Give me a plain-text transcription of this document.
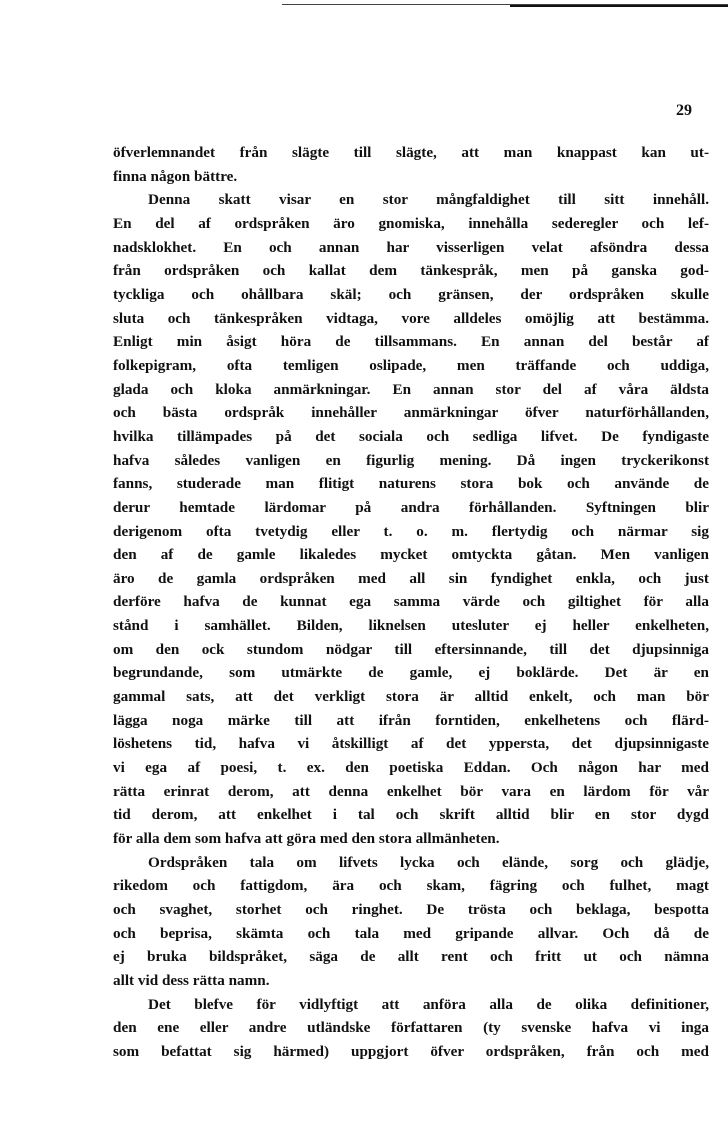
29
öfverlemnandet från slägte till slägte, att man knappast kan ut-
finna någon bättre.
Denna skatt visar en stor mångfaldighet till sitt innehåll.
En del af ordspråken äro gnomiska, innehålla sederegler och lef-
nadsklokhet. En och annan har visserligen velat afsöndra dessa
från ordspråken och kallat dem tänkespråk, men på ganska god-
tyckliga och ohållbara skäl; och gränsen, der ordspråken skulle
sluta och tänkespråken vidtaga, vore alldeles omöjlig att bestämma.
Enligt min åsigt höra de tillsammans. En annan del består af
folkepigram, ofta temligen oslipade, men träffande och uddiga,
glada och kloka anmärkningar. En annan stor del af våra äldsta
och bästa ordspråk innehåller anmärkningar öfver naturförhållanden,
hvilka tillämpades på det sociala och sedliga lifvet. De fyndigaste
hafva således vanligen en figurlig mening. Då ingen tryckerikonst
fanns, studerade man flitigt naturens stora bok och använde de
derur hemtade lärdomar på andra förhållanden. Syftningen blir
derigenom ofta tvetydig eller t. o. m. flertydig och närmar sig
den af de gamle likaledes mycket omtyckta gåtan. Men vanligen
äro de gamla ordspråken med all sin fyndighet enkla, och just
derföre hafva de kunnat ega samma värde och giltighet för alla
stånd i samhället. Bilden, liknelsen utesluter ej heller enkelheten,
om den ock stundom nödgar till eftersinnande, till det djupsinniga
begrundande, som utmärkte de gamle, ej boklärde. Det är en
gammal sats, att det verkligt stora är alltid enkelt, och man bör
lägga noga märke till att ifrån forntiden, enkelhetens och flärd-
löshetens tid, hafva vi åtskilligt af det yppersta, det djupsinnigaste
vi ega af poesi, t. ex. den poetiska Eddan. Och någon har med
rätta erinrat derom, att denna enkelhet bör vara en lärdom för vår
tid derom, att enkelhet i tal och skrift alltid blir en stor dygd
för alla dem som hafva att göra med den stora allmänheten.
Ordspråken tala om lifvets lycka och elände, sorg och glädje,
rikedom och fattigdom, ära och skam, fägring och fulhet, magt
och svaghet, storhet och ringhet. De trösta och beklaga, bespotta
och beprisa, skämta och tala med gripande allvar. Och då de
ej bruka bildspråket, säga de allt rent och fritt ut och nämna
allt vid dess rätta namn.
Det blefve för vidlyftigt att anföra alla de olika definitioner,
den ene eller andre utländske författaren (ty svenske hafva vi inga
som befattat sig härmed) uppgjort öfver ordspråken, från och med
